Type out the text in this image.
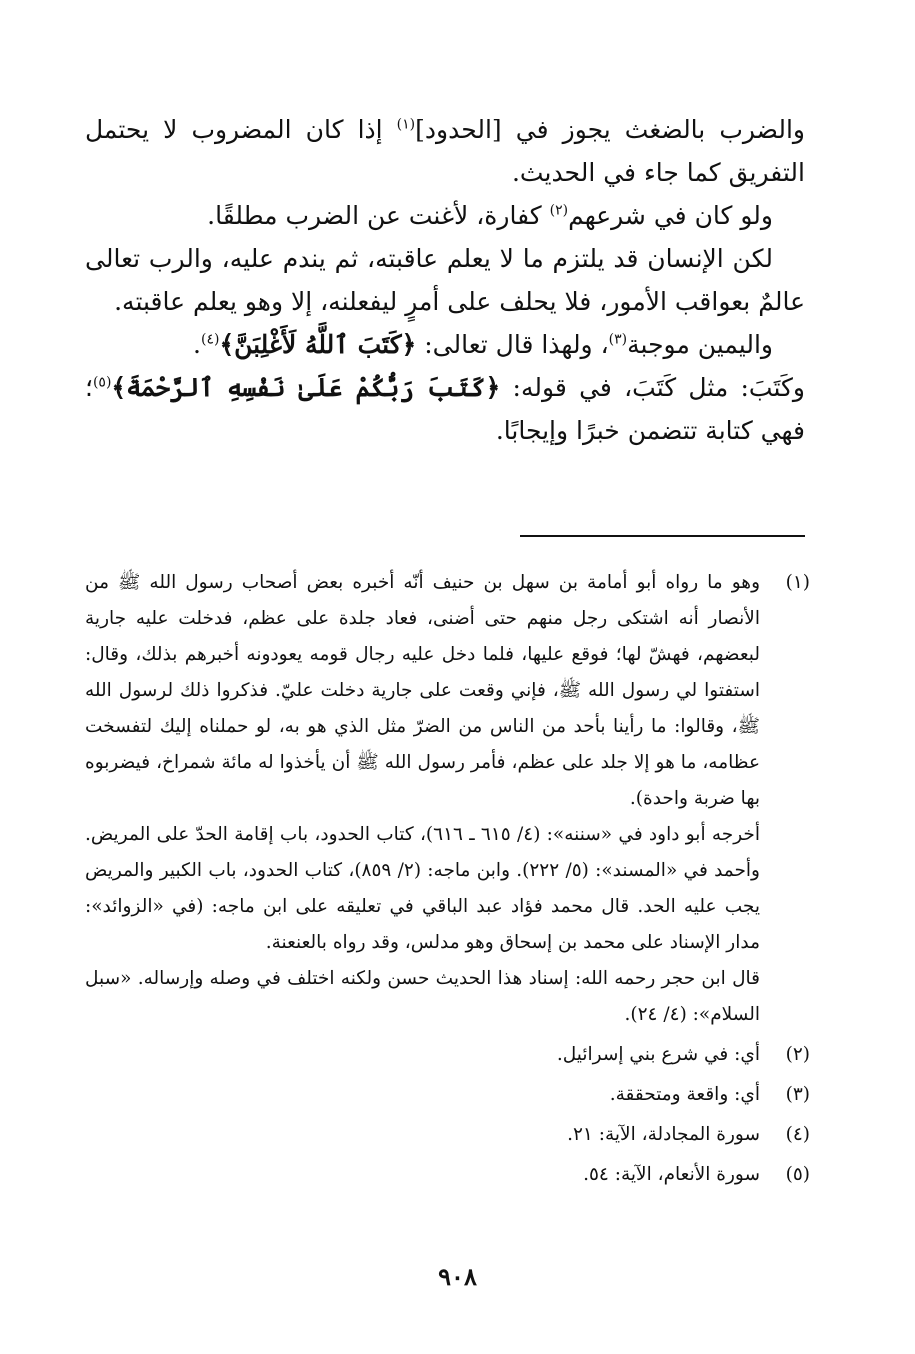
والضرب بالضغث يجوز في [الحدود]$^{(١)}$ إذا كان المضروب لا يحتمل التفريق كما جاء في الحديث.

ولو كان في شرعهم$^{(٢)}$ كفارة، لأغنت عن الضرب مطلقًا.

لكن الإنسان قد يلتزم ما لا يعلم عاقبته، ثم يندم عليه، والرب تعالى عالمٌ بعواقب الأمور، فلا يحلف على أمرٍ ليفعلنه، إلا وهو يعلم عاقبته.

واليمين موجبة$^{(٣)}$، ولهذا قال تعالى: ﴿كَتَبَ ٱللَّهُ لَأَغْلِبَنَّ﴾$^{(٤)}$.

وكَتَبَ: مثل كَتَبَ، في قوله: ﴿كَتَبَ رَبُّكُمْ عَلَىٰ نَفْسِهِ ٱلرَّحْمَةَ﴾$^{(٥)}$؛ فهي كتابة تتضمن خبرًا وإيجابًا.

(١)

وهو ما رواه أبو أمامة بن سهل بن حنيف أنّه أخبره بعض أصحاب رسول الله ﷺ من الأنصار أنه اشتكى رجل منهم حتى أضنى، فعاد جلدة على عظم، فدخلت عليه جارية لبعضهم، فهشّ لها؛ فوقع عليها، فلما دخل عليه رجال قومه يعودونه أخبرهم بذلك، وقال: استفتوا لي رسول الله ﷺ، فإني وقعت على جارية دخلت عليّ. فذكروا ذلك لرسول الله ﷺ، وقالوا: ما رأينا بأحد من الناس من الضرّ مثل الذي هو به، لو حملناه إليك لتفسخت عظامه، ما هو إلا جلد على عظم، فأمر رسول الله ﷺ أن يأخذوا له مائة شمراخ، فيضربوه بها ضربة واحدة).

أخرجه أبو داود في «سننه»: (٤/ ٦١٥ ـ ٦١٦)، كتاب الحدود، باب إقامة الحدّ على المريض. وأحمد في «المسند»: (٥/ ٢٢٢). وابن ماجه: (٢/ ٨٥٩)، كتاب الحدود، باب الكبير والمريض يجب عليه الحد. قال محمد فؤاد عبد الباقي في تعليقه على ابن ماجه: (في «الزوائد»: مدار الإسناد على محمد بن إسحاق وهو مدلس، وقد رواه بالعنعنة.

قال ابن حجر رحمه الله: إسناد هذا الحديث حسن ولكنه اختلف في وصله وإرساله. «سبل السلام»: (٤/ ٢٤).

(٢)

أي: في شرع بني إسرائيل.

(٣)

أي: واقعة ومتحققة.

(٤)

سورة المجادلة، الآية: ٢١.

(٥)

سورة الأنعام، الآية: ٥٤.

٩٠٨
